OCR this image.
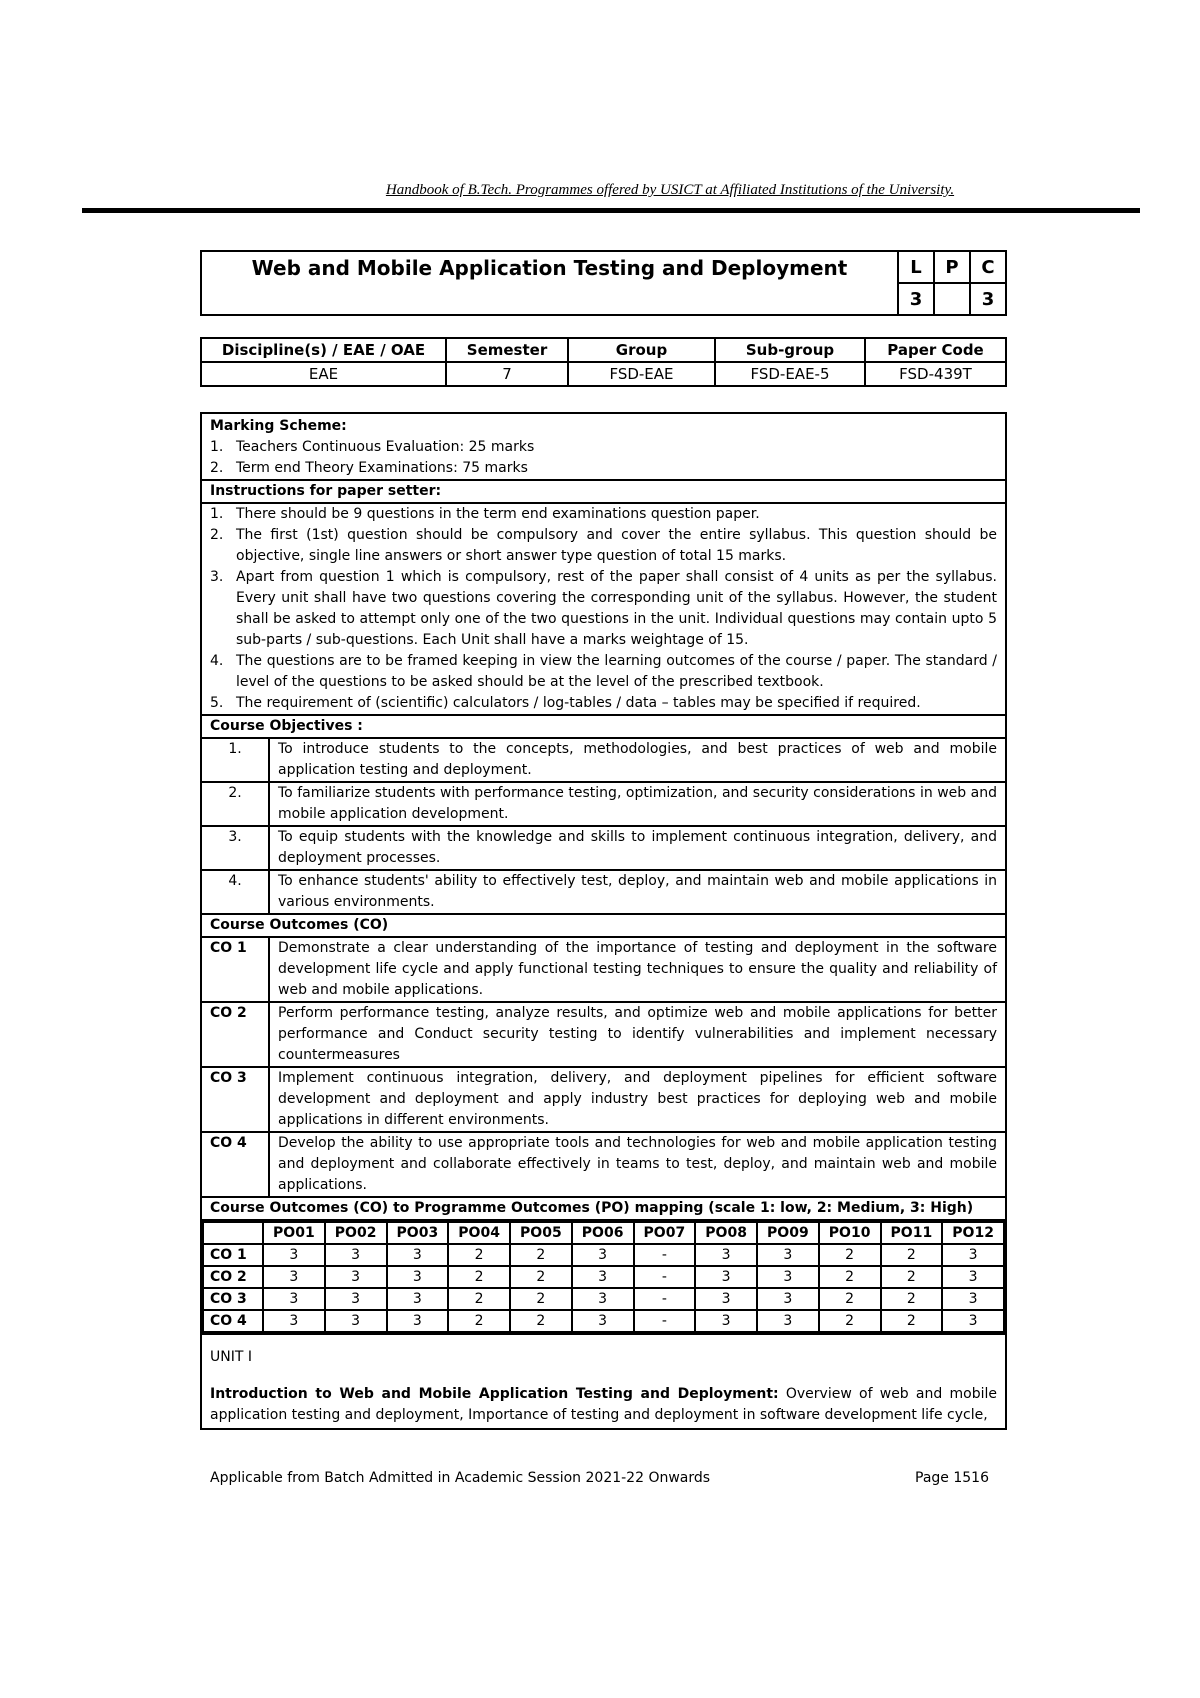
Handbook of B.Tech. Programmes offered by USICT at Affiliated Institutions of the University.
Web and Mobile Application Testing and Deployment	L	P	C
	3		3
Discipline(s) / EAE / OAE	Semester	Group	Sub-group	Paper Code
EAE	7	FSD-EAE	FSD-EAE-5	FSD-439T
Marking Scheme:
1. Teachers Continuous Evaluation: 25 marks
2. Term end Theory Examinations: 75 marks

Instructions for paper setter:

1. There should be 9 questions in the term end examinations question paper.
2. The first (1st) question should be compulsory and cover the entire syllabus. This question should be objective, single line answers or short answer type question of total 15 marks.
3. Apart from question 1 which is compulsory, rest of the paper shall consist of 4 units as per the syllabus. Every unit shall have two questions covering the corresponding unit of the syllabus. However, the student shall be asked to attempt only one of the two questions in the unit. Individual questions may contain upto 5 sub-parts / sub-questions. Each Unit shall have a marks weightage of 15.
4. The questions are to be framed keeping in view the learning outcomes of the course / paper. The standard / level of the questions to be asked should be at the level of the prescribed textbook.
5. The requirement of (scientific) calculators / log-tables / data – tables may be specified if required.

Course Objectives :
1.	To introduce students to the concepts, methodologies, and best practices of web and mobile application testing and deployment.
2.	To familiarize students with performance testing, optimization, and security considerations in web and mobile application development.
3.	To equip students with the knowledge and skills to implement continuous integration, delivery, and deployment processes.
4.	To enhance students' ability to effectively test, deploy, and maintain web and mobile applications in various environments.
Course Outcomes (CO)
CO 1	Demonstrate a clear understanding of the importance of testing and deployment in the software development life cycle and apply functional testing techniques to ensure the quality and reliability of web and mobile applications.
CO 2	Perform performance testing, analyze results, and optimize web and mobile applications for better performance and Conduct security testing to identify vulnerabilities and implement necessary countermeasures
CO 3	Implement continuous integration, delivery, and deployment pipelines for efficient software development and deployment and apply industry best practices for deploying web and mobile applications in different environments.
CO 4	Develop the ability to use appropriate tools and technologies for web and mobile application testing and deployment and collaborate effectively in teams to test, deploy, and maintain web and mobile applications.
Course Outcomes (CO) to Programme Outcomes (PO) mapping (scale 1: low, 2: Medium, 3: High)

	PO01	PO02	PO03	PO04	PO05	PO06	PO07	PO08	PO09	PO10	PO11	PO12
CO 1	3	3	3	2	2	3	-	3	3	2	2	3
CO 2	3	3	3	2	2	3	-	3	3	2	2	3
CO 3	3	3	3	2	2	3	-	3	3	2	2	3
CO 4	3	3	3	2	2	3	-	3	3	2	2	3

UNIT I
Introduction to Web and Mobile Application Testing and Deployment: Overview of web and mobile application testing and deployment, Importance of testing and deployment in software development life cycle,
Applicable from Batch Admitted in Academic Session 2021-22 Onwards	Page 1516
